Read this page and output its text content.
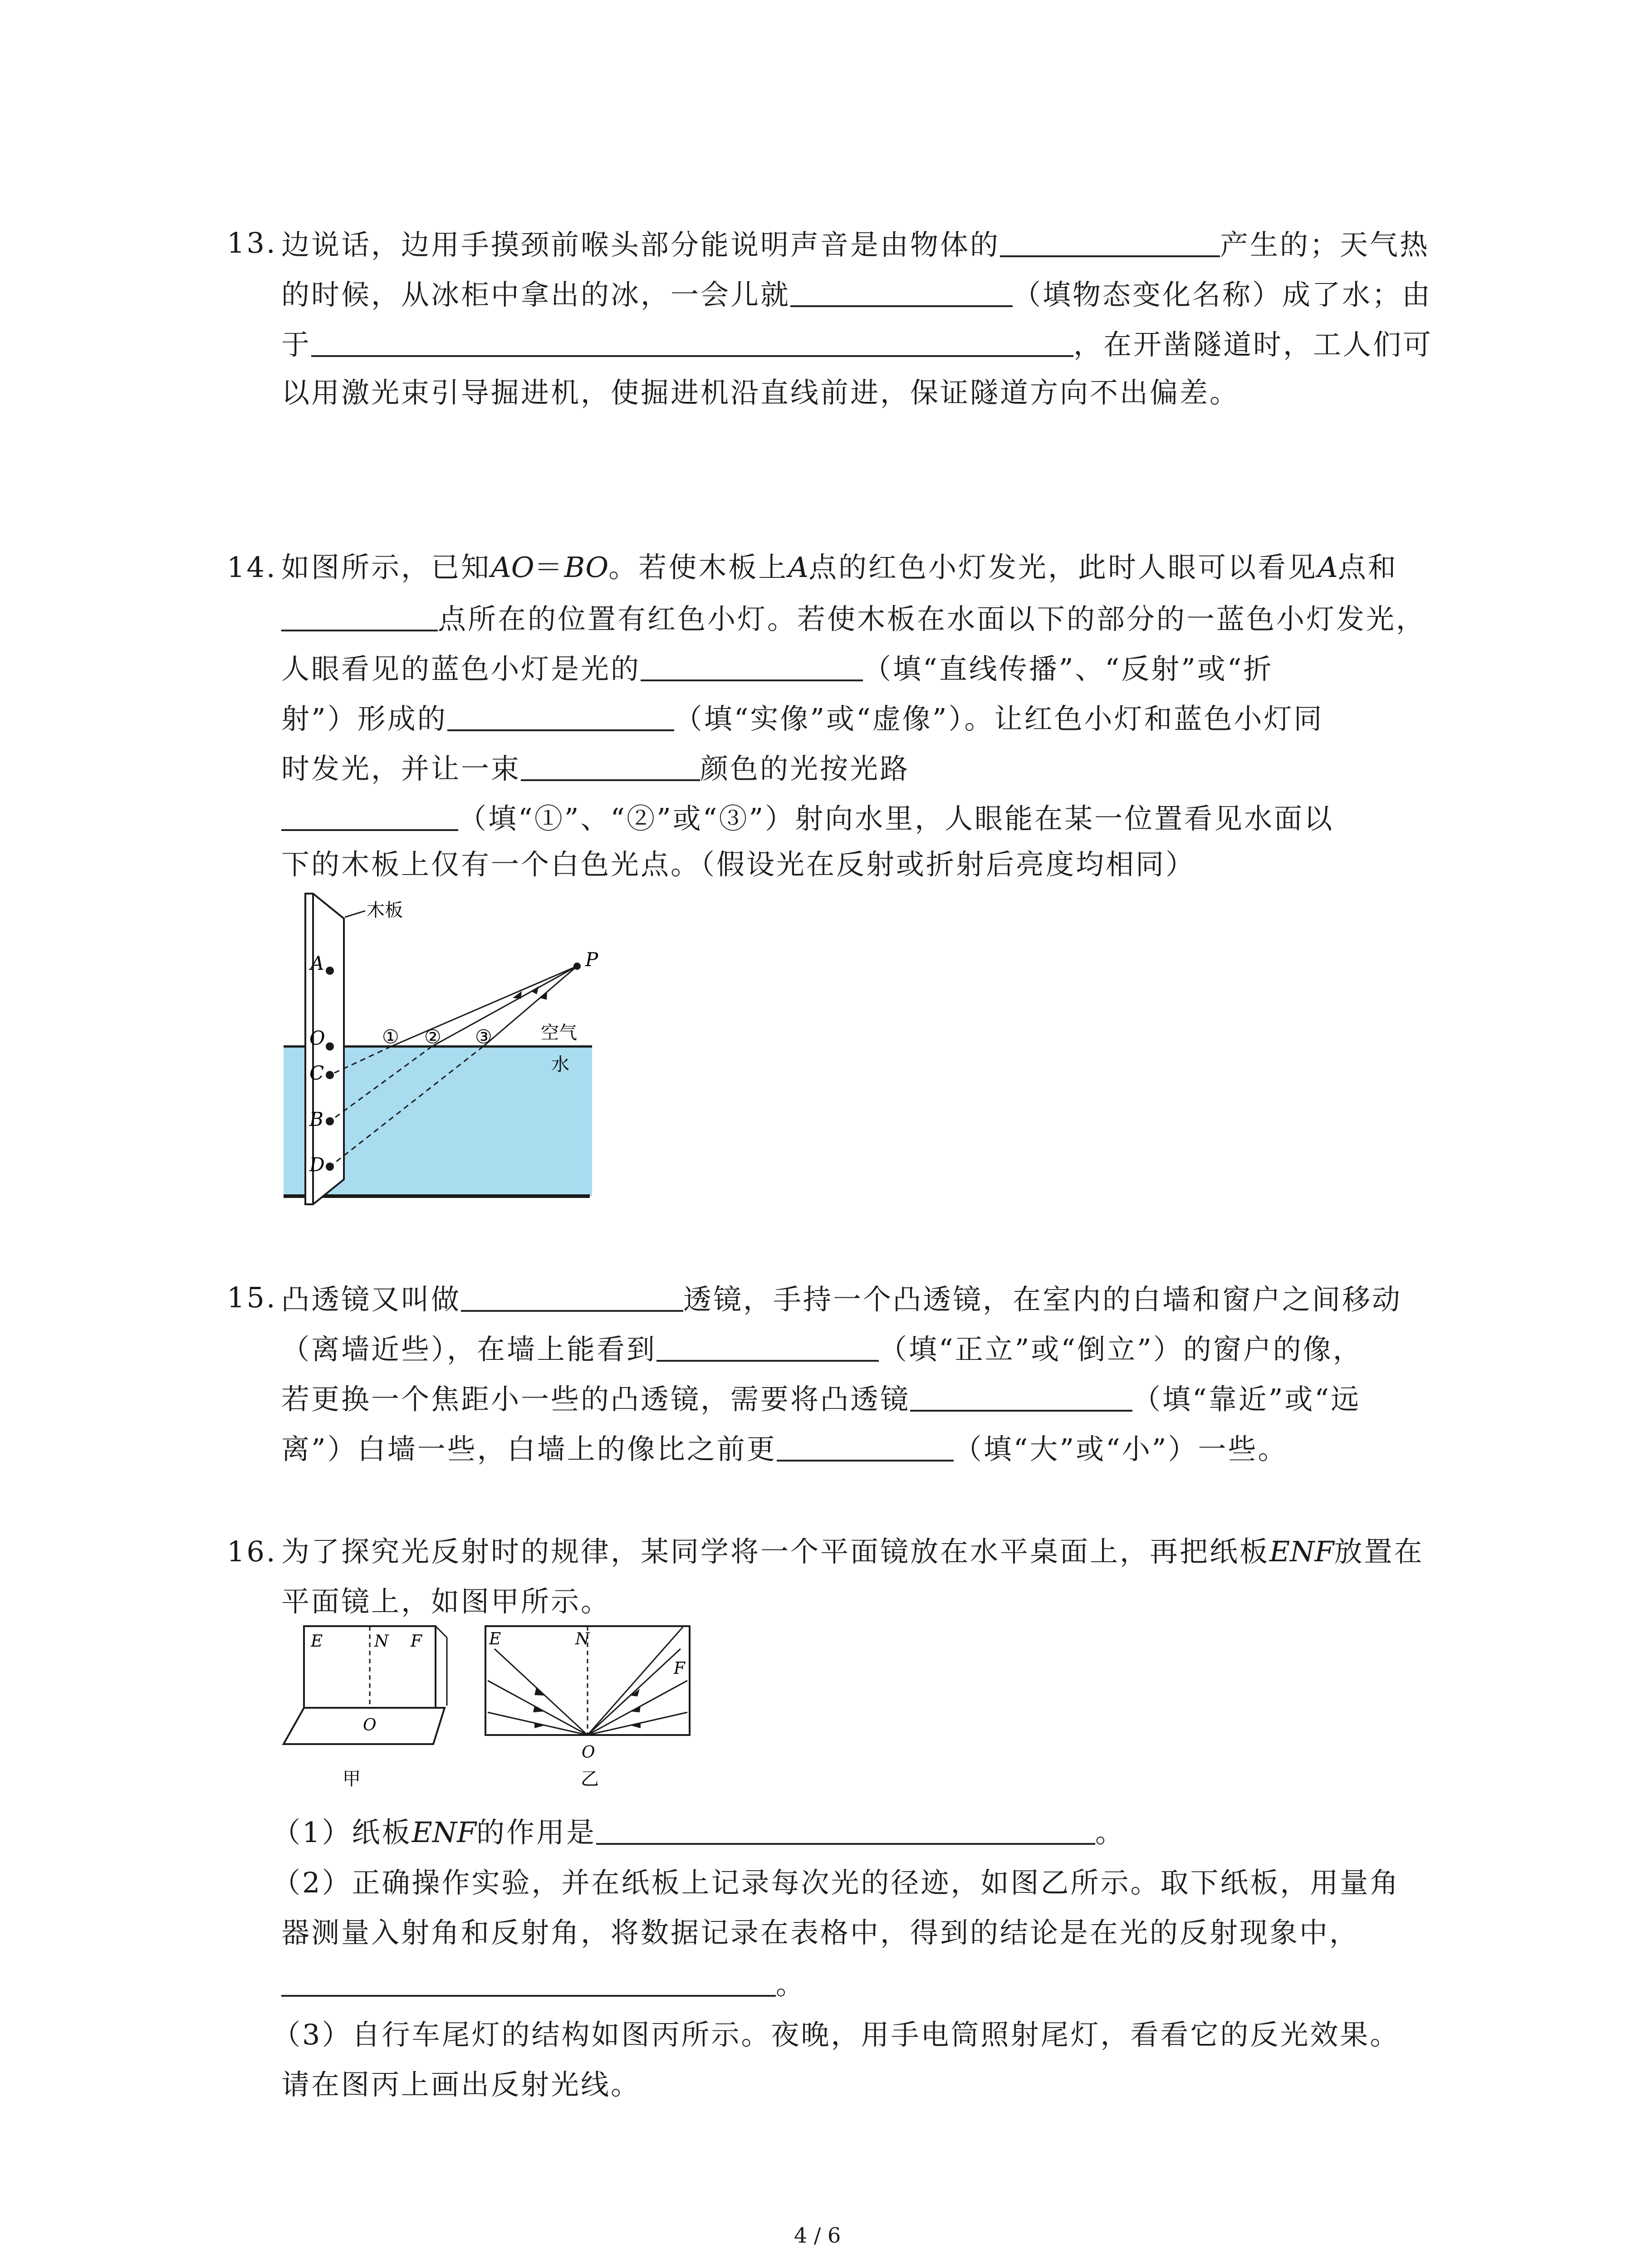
13. 边说话，边用手摸颈前喉头部分能说明声音是由物体的	产生的；天气热
的时候，从冰柜中拿出的冰，一会儿就	（填物态变化名称）成了水；由
于	，在开凿隧道时，工人们可
以用激光束引导掘进机，使掘进机沿直线前进，保证隧道方向不出偏差。
14. 如图所示，已知AO＝BO。若使木板上A点的红色小灯发光，此时人眼可以看见A点和
点所在的位置有红色小灯。若使木板在水面以下的部分的一蓝色小灯发光，
人眼看见的蓝色小灯是光的	（填“直线传播”、“反射”或“折
射”）形成的	（填“实像”或“虚像”）。让红色小灯和蓝色小灯同
时发光，并让一束	颜色的光按光路
（填“①”、“②”或“③”）射向水里，人眼能在某一位置看见水面以
下的木板上仅有一个白色光点。（假设光在反射或折射后亮度均相同）
木板
A
O
C
B
D
P
① ② ③	空气
水
15. 凸透镜又叫做	透镜，手持一个凸透镜，在室内的白墙和窗户之间移动
（离墙近些），在墙上能看到	（填“正立”或“倒立”）的窗户的像，
若更换一个焦距小一些的凸透镜，需要将凸透镜	（填“靠近”或“远
离”）白墙一些，白墙上的像比之前更	（填“大”或“小”）一些。
16. 为了探究光反射时的规律，某同学将一个平面镜放在水平桌面上，再把纸板ENF放置在
平面镜上，如图甲所示。
E	N F
O
甲
E	N
F
O
乙
（1）纸板ENF的作用是	。
（2）正确操作实验，并在纸板上记录每次光的径迹，如图乙所示。取下纸板，用量角
器测量入射角和反射角，将数据记录在表格中，得到的结论是在光的反射现象中，
。
（3）自行车尾灯的结构如图丙所示。夜晚，用手电筒照射尾灯，看看它的反光效果。
请在图丙上画出反射光线。
4 / 6
